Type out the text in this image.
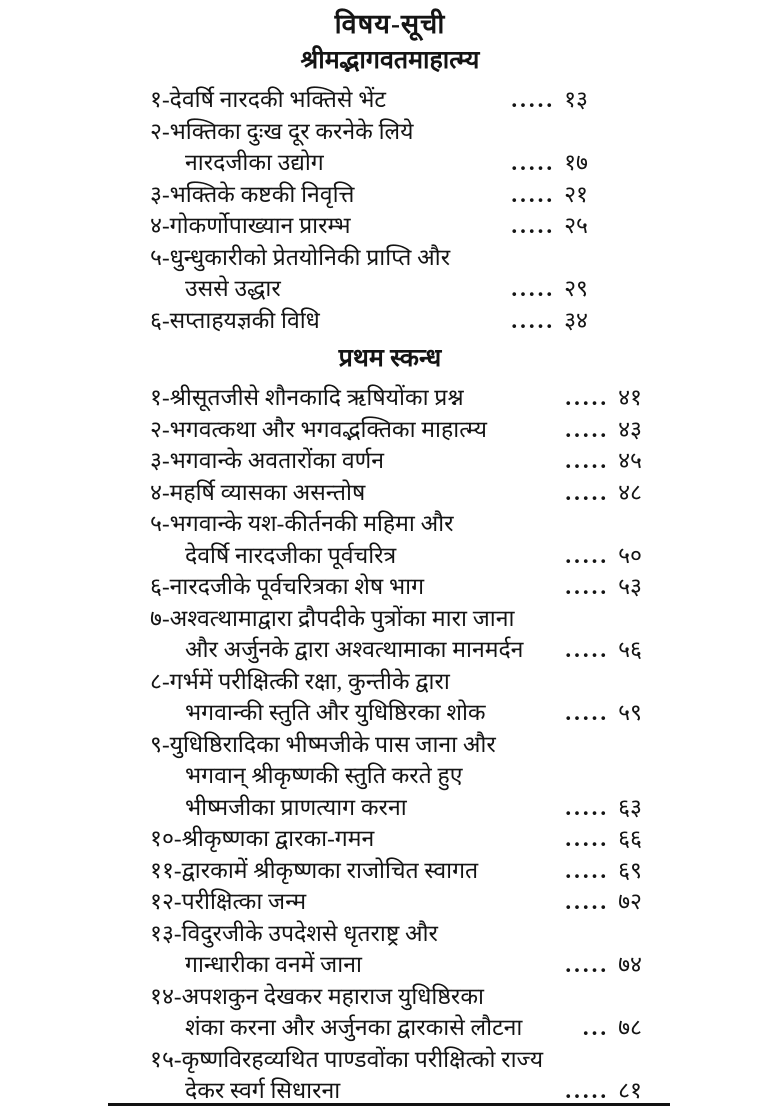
विषय-सूची
श्रीमद्भागवतमाहात्म्य
१-देवर्षि नारदकी भक्तिसे भेंट	..... १३
२-भक्तिका दुःख दूर करनेके लिये
नारदजीका उद्योग	..... १७
३-भक्तिके कष्टकी निवृत्ति	..... २१
४-गोकर्णोपाख्यान प्रारम्भ	..... २५
५-धुन्धुकारीको प्रेतयोनिकी प्राप्ति और
उससे उद्धार	..... २९
६-सप्ताहयज्ञकी विधि	..... ३४
प्रथम स्कन्ध
१-श्रीसूतजीसे शौनकादि ऋषियोंका प्रश्न	..... ४१
२-भगवत्कथा और भगवद्भक्तिका माहात्म्य	..... ४३
३-भगवान्के अवतारोंका वर्णन	..... ४५
४-महर्षि व्यासका असन्तोष	..... ४८
५-भगवान्के यश-कीर्तनकी महिमा और
देवर्षि नारदजीका पूर्वचरित्र	..... ५०
६-नारदजीके पूर्वचरित्रका शेष भाग	..... ५३
७-अश्वत्थामाद्वारा द्रौपदीके पुत्रोंका मारा जाना
और अर्जुनके द्वारा अश्वत्थामाका मानमर्दन ..... ५६
८-गर्भमें परीक्षित्की रक्षा, कुन्तीके द्वारा
भगवान्की स्तुति और युधिष्ठिरका शोक	..... ५९
९-युधिष्ठिरादिका भीष्मजीके पास जाना और
भगवान् श्रीकृष्णकी स्तुति करते हुए
भीष्मजीका प्राणत्याग करना	..... ६३
१०-श्रीकृष्णका द्वारका-गमन	..... ६६
११-द्वारकामें श्रीकृष्णका राजोचित स्वागत	..... ६९
१२-परीक्षित्का जन्म	..... ७२
१३-विदुरजीके उपदेशसे धृतराष्ट्र और
गान्धारीका वनमें जाना	..... ७४
१४-अपशकुन देखकर महाराज युधिष्ठिरका
शंका करना और अर्जुनका द्वारकासे लौटना	... ७८
१५-कृष्णविरहव्यथित पाण्डवोंका परीक्षित्को राज्य
देकर स्वर्ग सिधारना	..... ८१
